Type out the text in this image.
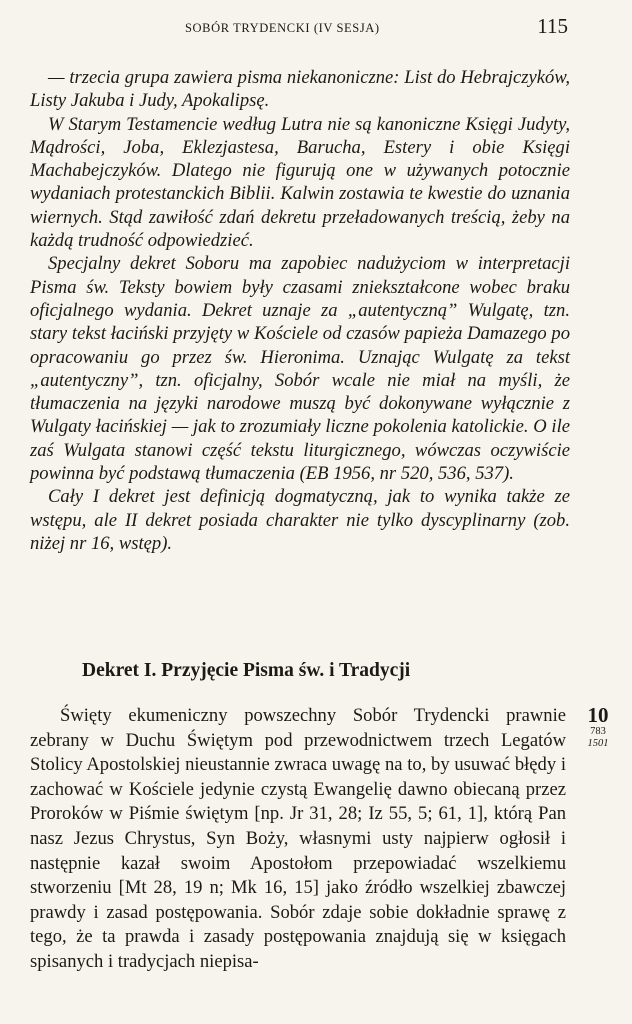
SOBÓR TRYDENCKI (IV SESJA)	115

— trzecia grupa zawiera pisma niekanoniczne: List do Hebrajczyków, Listy Jakuba i Judy, Apokalipsę.

W Starym Testamencie według Lutra nie są kanoniczne Księgi Judyty, Mądrości, Joba, Eklezjastesa, Barucha, Estery i obie Księgi Machabejczyków. Dlatego nie figurują one w używanych potocznie wydaniach protestanckich Biblii. Kalwin zostawia te kwestie do uznania wiernych. Stąd zawiłość zdań dekretu przeładowanych treścią, żeby na każdą trudność odpowiedzieć.

Specjalny dekret Soboru ma zapobiec nadużyciom w interpretacji Pisma św. Teksty bowiem były czasami zniekształcone wobec braku oficjalnego wydania. Dekret uznaje za „autentyczną” Wulgatę, tzn. stary tekst łaciński przyjęty w Kościele od czasów papieża Damazego po opracowaniu go przez św. Hieronima. Uznając Wulgatę za tekst „autentyczny”, tzn. oficjalny, Sobór wcale nie miał na myśli, że tłumaczenia na języki narodowe muszą być dokonywane wyłącznie z Wulgaty łacińskiej — jak to zrozumiały liczne pokolenia katolickie. O ile zaś Wulgata stanowi część tekstu liturgicznego, wówczas oczywiście powinna być podstawą tłumaczenia (EB 1956, nr 520, 536, 537).

Cały I dekret jest definicją dogmatyczną, jak to wynika także ze wstępu, ale II dekret posiada charakter nie tylko dyscyplinarny (zob. niżej nr 16, wstęp).

Dekret I. Przyjęcie Pisma św. i Tradycji

Święty ekumeniczny powszechny Sobór Trydencki prawnie zebrany w Duchu Świętym pod przewodnictwem trzech Legatów Stolicy Apostolskiej nieustannie zwraca uwagę na to, by usuwać błędy i zachować w Kościele jedynie czystą Ewangelię dawno obiecaną przez Proroków w Piśmie świętym [np. Jr 31, 28; Iz 55, 5; 61, 1], którą Pan nasz Jezus Chrystus, Syn Boży, własnymi usty najpierw ogłosił i następnie kazał swoim Apostołom przepowiadać wszelkiemu stworzeniu [Mt 28, 19 n; Mk 16, 15] jako źródło wszelkiej zbawczej prawdy i zasad postępowania. Sobór zdaje sobie dokładnie sprawę z tego, że ta prawda i zasady postępowania znajdują się w księgach spisanych i tradycjach niepisa-

10
783
1501
